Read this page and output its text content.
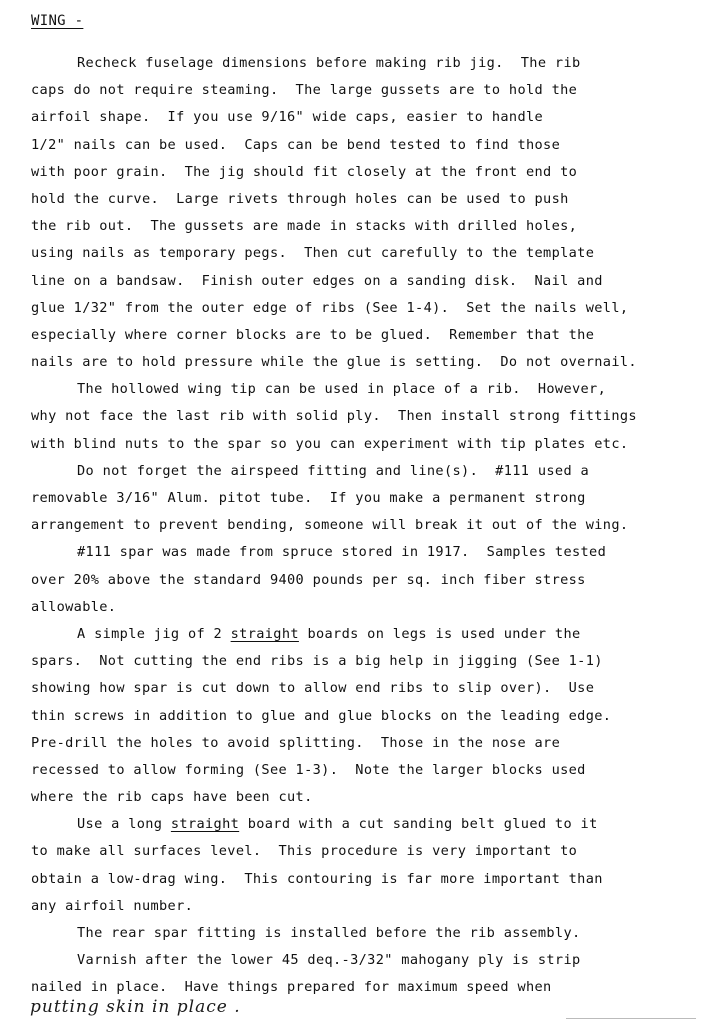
WING -
Recheck fuselage dimensions before making rib jig.  The rib
caps do not require steaming.  The large gussets are to hold the
airfoil shape.  If you use 9/16" wide caps, easier to handle
1/2" nails can be used.  Caps can be bend tested to find those
with poor grain.  The jig should fit closely at the front end to
hold the curve.  Large rivets through holes can be used to push
the rib out.  The gussets are made in stacks with drilled holes,
using nails as temporary pegs.  Then cut carefully to the template
line on a bandsaw.  Finish outer edges on a sanding disk.  Nail and
glue 1/32" from the outer edge of ribs (See 1-4).  Set the nails well,
especially where corner blocks are to be glued.  Remember that the
nails are to hold pressure while the glue is setting.  Do not overnail.
The hollowed wing tip can be used in place of a rib.  However,
why not face the last rib with solid ply.  Then install strong fittings
with blind nuts to the spar so you can experiment with tip plates etc.
Do not forget the airspeed fitting and line(s).  #111 used a
removable 3/16" Alum. pitot tube.  If you make a permanent strong
arrangement to prevent bending, someone will break it out of the wing.
#111 spar was made from spruce stored in 1917.  Samples tested
over 20% above the standard 9400 pounds per sq. inch fiber stress
allowable.
A simple jig of 2 straight boards on legs is used under the
spars.  Not cutting the end ribs is a big help in jigging (See 1-1)
showing how spar is cut down to allow end ribs to slip over).  Use
thin screws in addition to glue and glue blocks on the leading edge.
Pre-drill the holes to avoid splitting.  Those in the nose are
recessed to allow forming (See 1-3).  Note the larger blocks used
where the rib caps have been cut.
Use a long straight board with a cut sanding belt glued to it
to make all surfaces level.  This procedure is very important to
obtain a low-drag wing.  This contouring is far more important than
any airfoil number.
The rear spar fitting is installed before the rib assembly.
Varnish after the lower 45 deq.-3/32" mahogany ply is strip
nailed in place.  Have things prepared for maximum speed when
putting skin in place .
